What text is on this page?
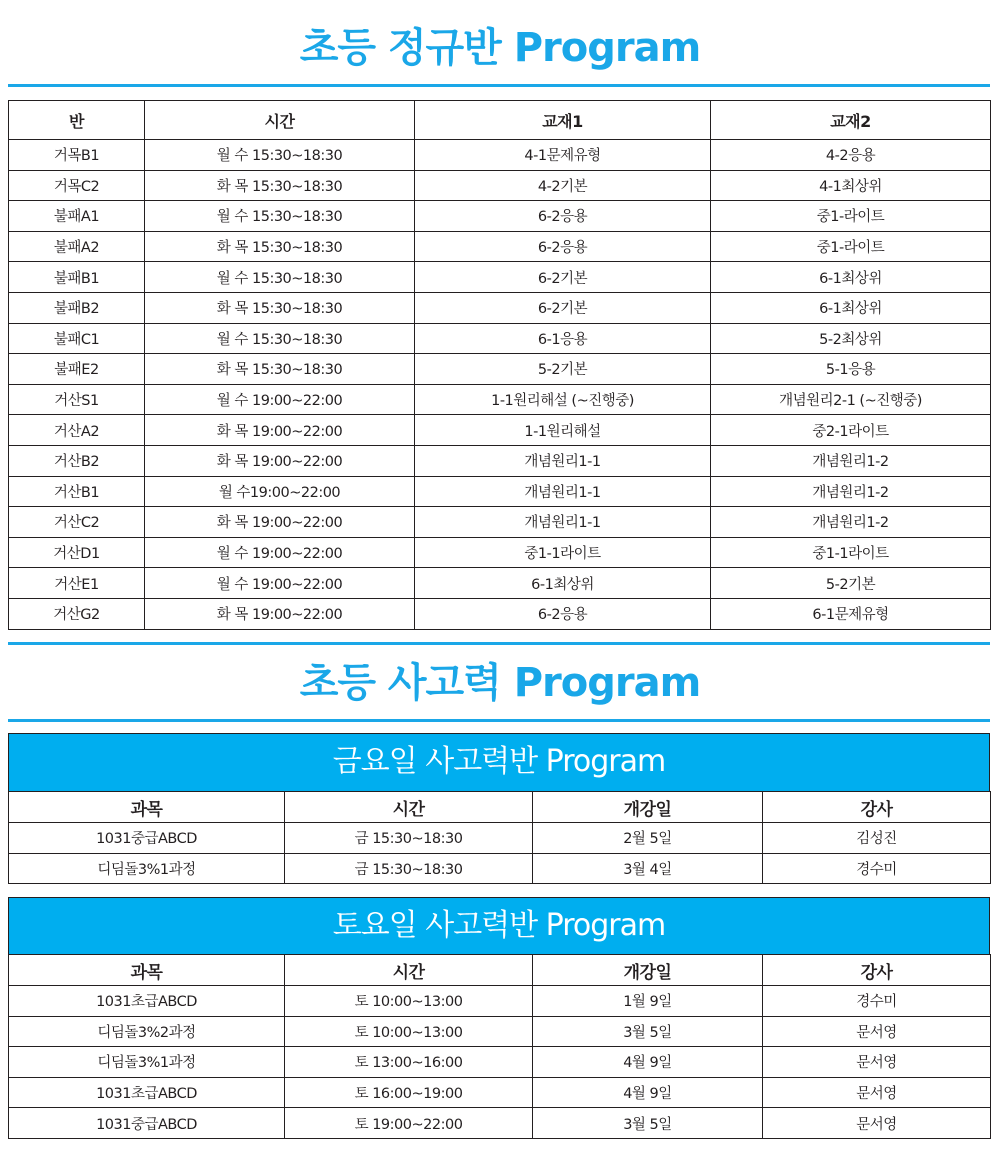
초등 정규반 Program
반	시간	교재1	교재2
거목B1	월 수 15:30~18:30	4-1문제유형	4-2응용
거목C2	화 목 15:30~18:30	4-2기본	4-1최상위
불패A1	월 수 15:30~18:30	6-2응용	중1-라이트
불패A2	화 목 15:30~18:30	6-2응용	중1-라이트
불패B1	월 수 15:30~18:30	6-2기본	6-1최상위
불패B2	화 목 15:30~18:30	6-2기본	6-1최상위
불패C1	월 수 15:30~18:30	6-1응용	5-2최상위
불패E2	화 목 15:30~18:30	5-2기본	5-1응용
거산S1	월 수 19:00~22:00	1-1원리해설 (~진행중)	개념원리2-1 (~진행중)
거산A2	화 목 19:00~22:00	1-1원리해설	중2-1라이트
거산B2	화 목 19:00~22:00	개념원리1-1	개념원리1-2
거산B1	월 수19:00~22:00	개념원리1-1	개념원리1-2
거산C2	화 목 19:00~22:00	개념원리1-1	개념원리1-2
거산D1	월 수 19:00~22:00	중1-1라이트	중1-1라이트
거산E1	월 수 19:00~22:00	6-1최상위	5-2기본
거산G2	화 목 19:00~22:00	6-2응용	6-1문제유형
초등 사고력 Program
금요일 사고력반 Program
과목	시간	개강일	강사
1031중급ABCD	금 15:30~18:30	2월 5일	김성진
디딤돌3%1과정	금 15:30~18:30	3월 4일	경수미
토요일 사고력반 Program
과목	시간	개강일	강사
1031초급ABCD	토 10:00~13:00	1월 9일	경수미
디딤돌3%2과정	토 10:00~13:00	3월 5일	문서영
디딤돌3%1과정	토 13:00~16:00	4월 9일	문서영
1031초급ABCD	토 16:00~19:00	4월 9일	문서영
1031중급ABCD	토 19:00~22:00	3월 5일	문서영
